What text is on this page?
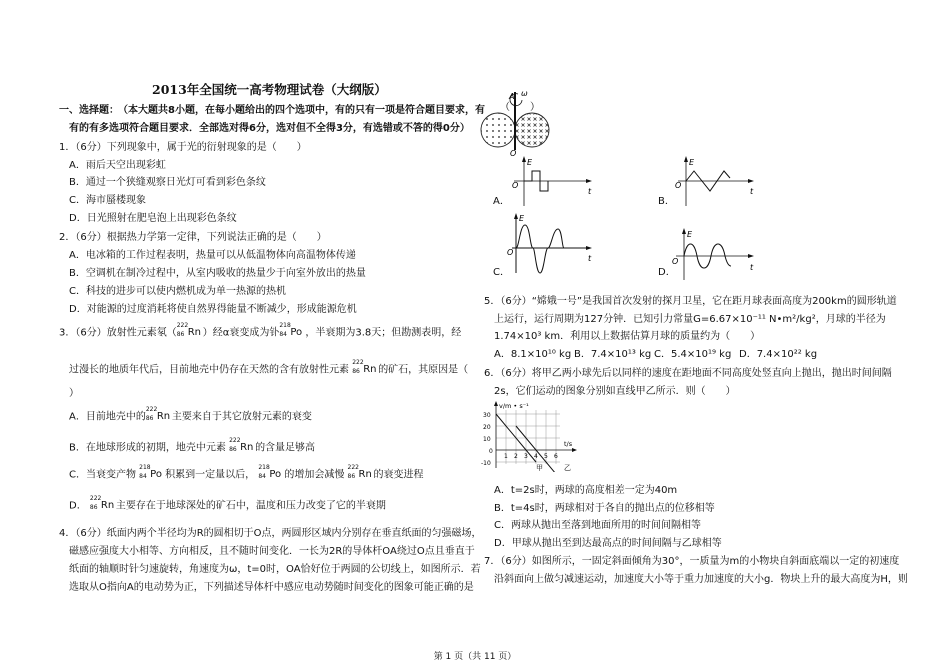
2013年全国统一高考物理试卷（大纲版）
一、选择题： （本大题共8小题，在每小题给出的四个选项中，有的只有一项是符合题目要求，有
有的有多选项符合题目要求．全部选对得6分，选对但不全得3分，有选错或不答的得0分）
1．（6分）下列现象中，属于光的衍射现象的是（　　）
A．雨后天空出现彩虹
B．通过一个狭缝观察日光灯可看到彩色条纹
C．海市蜃楼现象
D．日光照射在肥皂泡上出现彩色条纹
2．（6分）根据热力学第一定律，下列说法正确的是（　　）
A．电冰箱的工作过程表明，热量可以从低温物体向高温物体传递
B．空调机在制冷过程中，从室内吸收的热量少于向室外放出的热量
C．科技的进步可以使内燃机成为单一热源的热机
D．对能源的过度消耗将使自然界得能量不断减少，形成能源危机
3．（6分）放射性元素氡（
222
86 Rn ）经α衰变成为钋
218
84 Po ，半衰期为3.8天；但勘测表明，经
过漫长的地质年代后，目前地壳中仍存在天然的含有放射性元素
222
86 Rn 的矿石，其原因是（
）
A．目前地壳中的
222
86 Rn 主要来自于其它放射元素的衰变
B．在地球形成的初期，地壳中元素
222
86 Rn 的含量足够高
C．当衰变产物
218
84 Po 积累到一定量以后，
218
84 Po 的增加会减慢
222
86 Rn 的衰变进程
D．
222
86 Rn 主要存在于地球深处的矿石中，温度和压力改变了它的半衰期
4．（6分）纸面内两个半径均为R的圆相切于O点，两圆形区域内分别存在垂直纸面的匀强磁场，
磁感应强度大小相等、方向相反，且不随时间变化．一长为2R的导体杆OA绕过O点且垂直于
纸面的轴顺时针匀速旋转，角速度为ω，t=0时，OA恰好位于两圆的公切线上，如图所示．若
选取从O指向A的电动势为正，下列描述导体杆中感应电动势随时间变化的图象可能正确的是
（　　）
A ω
O
E
O
t
A．
E
O
t
B．
E
O
t
C．
E
O
t
D．
5．（6分）“嫦娥一号”是我国首次发射的探月卫星，它在距月球表面高度为200km的圆形轨道
上运行，运行周期为127分钟．已知引力常量G=6.67×10⁻¹¹ N•m²/kg²，月球的半径为
1.74×10³ km．利用以上数据估算月球的质量约为（　　）
A．8.1×10¹⁰ kg B．7.4×10¹³ kg C．5.4×10¹⁹ kg D．7.4×10²² kg
6．（6分）将甲乙两小球先后以同样的速度在距地面不同高度处竖直向上抛出，抛出时间间隔
2s，它们运动的图象分别如直线甲乙所示．则（　　）
v/m • s⁻¹
30
20
10
0
-10
t/s
1 2 3 4 5 6
甲	乙
A．t=2s时，两球的高度相差一定为40m
B．t=4s时，两球相对于各自的抛出点的位移相等
C．两球从抛出至落到地面所用的时间间隔相等
D．甲球从抛出至到达最高点的时间间隔与乙球相等
7．（6分）如图所示，一固定斜面倾角为30°，一质量为m的小物块自斜面底端以一定的初速度
沿斜面向上做匀减速运动，加速度大小等于重力加速度的大小g．物块上升的最大高度为H，则
第 1 页（共 11 页）
